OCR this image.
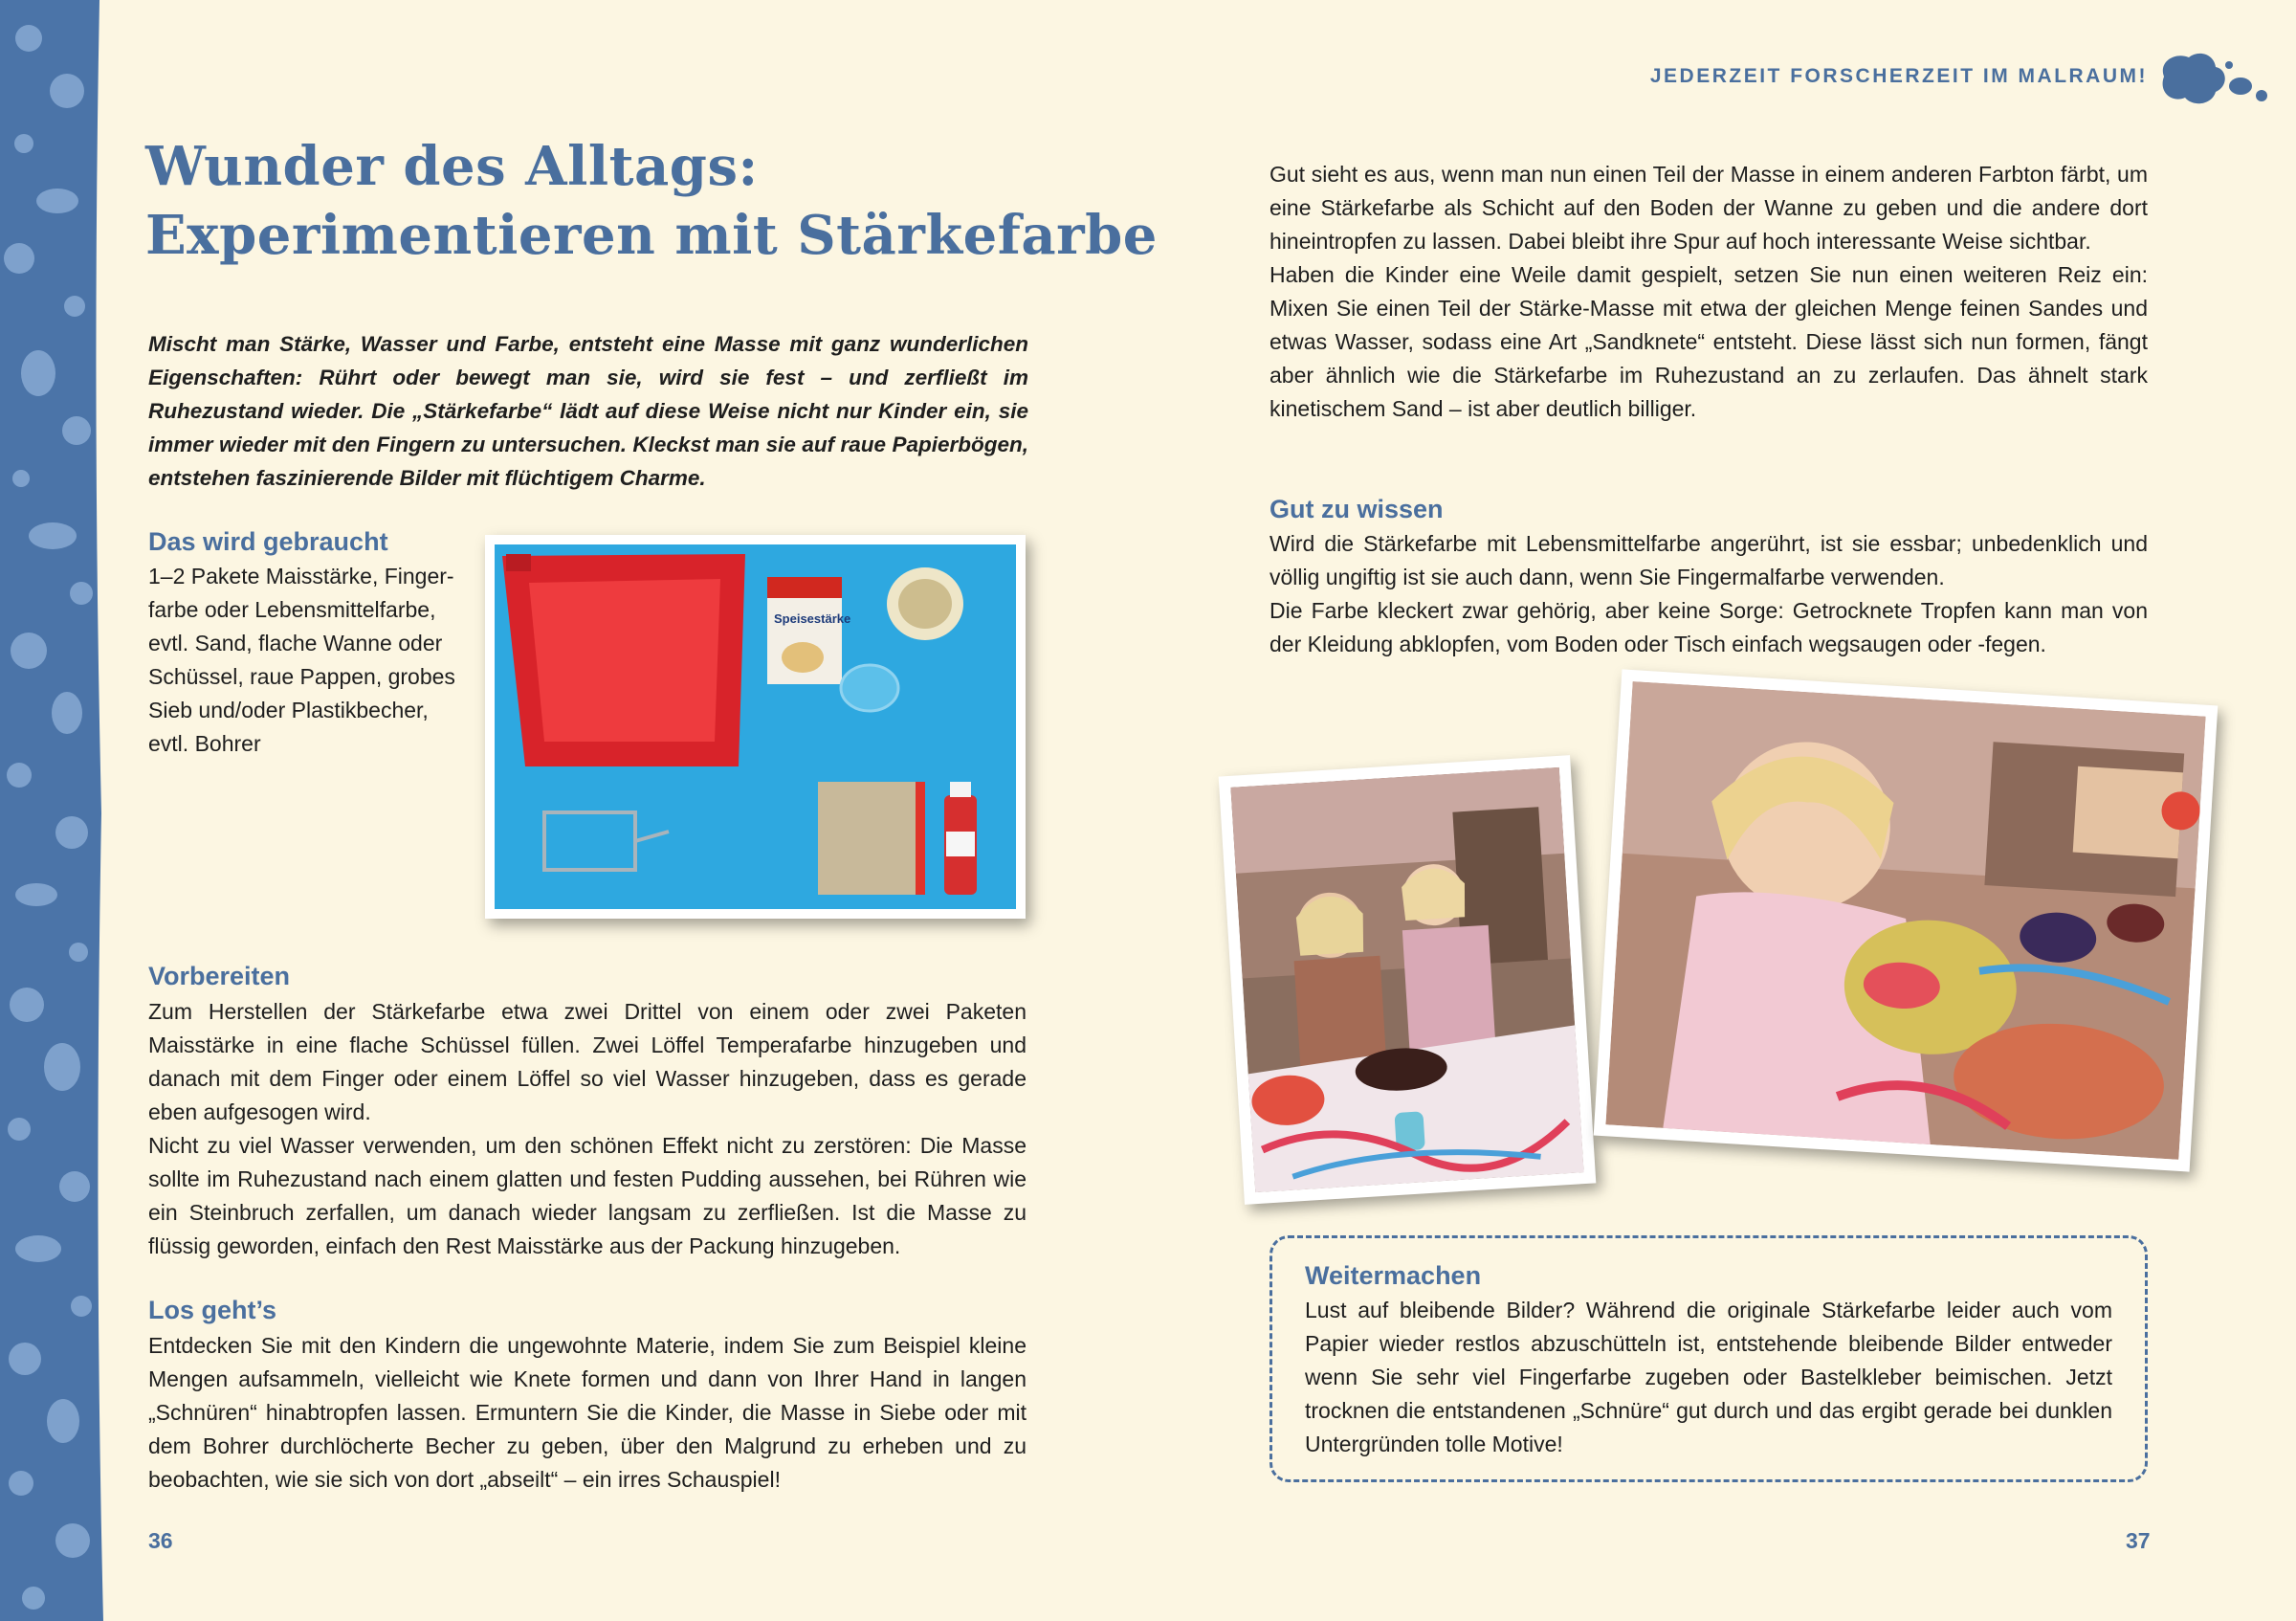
JEDERZEIT FORSCHERZEIT IM MALRAUM!
Wunder des Alltags:
Experimentieren mit Stärkefarbe

Mischt man Stärke, Wasser und Farbe, entsteht eine Masse mit ganz wunderlichen Eigenschaften: Rührt oder bewegt man sie, wird sie fest – und zerfließt im Ruhezustand wieder. Die „Stärkefarbe“ lädt auf diese Weise nicht nur Kinder ein, sie immer wieder mit den Fingern zu untersuchen. Kleckst man sie auf raue Papierbögen, entstehen faszinierende Bilder mit flüchtigem Charme.

Das wird gebraucht

1–2 Pakete Maisstärke, Finger-

farbe oder Lebensmittelfarbe,

evtl. Sand, flache Wanne oder

Schüssel, raue Pappen, grobes

Sieb und/oder Plastikbecher,

evtl. Bohrer

Speisestärke
Vorbereiten

Zum Herstellen der Stärkefarbe etwa zwei Drittel von einem oder zwei Paketen Maisstärke in eine flache Schüssel füllen. Zwei Löffel Temperafarbe hinzugeben und danach mit dem Finger oder einem Löffel so viel Wasser hinzugeben, dass es gerade eben aufgesogen wird.

Nicht zu viel Wasser verwenden, um den schönen Effekt nicht zu zerstören: Die Masse sollte im Ruhezustand nach einem glatten und festen Pudding aussehen, bei Rühren wie ein Steinbruch zerfallen, um danach wieder langsam zu zerfließen. Ist die Masse zu flüssig geworden, einfach den Rest Maisstärke aus der Packung hinzugeben.

Los geht’s

Entdecken Sie mit den Kindern die ungewohnte Materie, indem Sie zum Beispiel kleine Mengen aufsammeln, vielleicht wie Knete formen und dann von Ihrer Hand in langen „Schnüren“ hinabtropfen lassen. Ermuntern Sie die Kinder, die Masse in Siebe oder mit dem Bohrer durchlöcherte Becher zu geben, über den Malgrund zu erheben und zu beobachten, wie sie sich von dort „abseilt“ – ein irres Schauspiel!

36

Gut sieht es aus, wenn man nun einen Teil der Masse in einem anderen Farbton färbt, um eine Stärkefarbe als Schicht auf den Boden der Wanne zu geben und die andere dort hineintropfen zu lassen. Dabei bleibt ihre Spur auf hoch interessante Weise sichtbar.

Haben die Kinder eine Weile damit gespielt, setzen Sie nun einen weiteren Reiz ein: Mixen Sie einen Teil der Stärke-Masse mit etwa der gleichen Menge feinen Sandes und etwas Wasser, sodass eine Art „Sandknete“ entsteht. Diese lässt sich nun formen, fängt aber ähnlich wie die Stärkefarbe im Ruhezustand an zu zerlaufen. Das ähnelt stark kinetischem Sand – ist aber deutlich billiger.

Gut zu wissen

Wird die Stärkefarbe mit Lebensmittelfarbe angerührt, ist sie essbar; unbedenklich und völlig ungiftig ist sie auch dann, wenn Sie Fingermalfarbe verwenden.

Die Farbe kleckert zwar gehörig, aber keine Sorge: Getrocknete Tropfen kann man von der Kleidung abklopfen, vom Boden oder Tisch einfach wegsaugen oder -fegen.

Weitermachen

Lust auf bleibende Bilder? Während die originale Stärkefarbe leider auch vom Papier wieder restlos abzuschütteln ist, entstehende bleibende Bilder entweder wenn Sie sehr viel Fingerfarbe zugeben oder Bastelkleber beimischen. Jetzt trocknen die entstandenen „Schnüre“ gut durch und das ergibt gerade bei dunklen Untergründen tolle Motive!

37
